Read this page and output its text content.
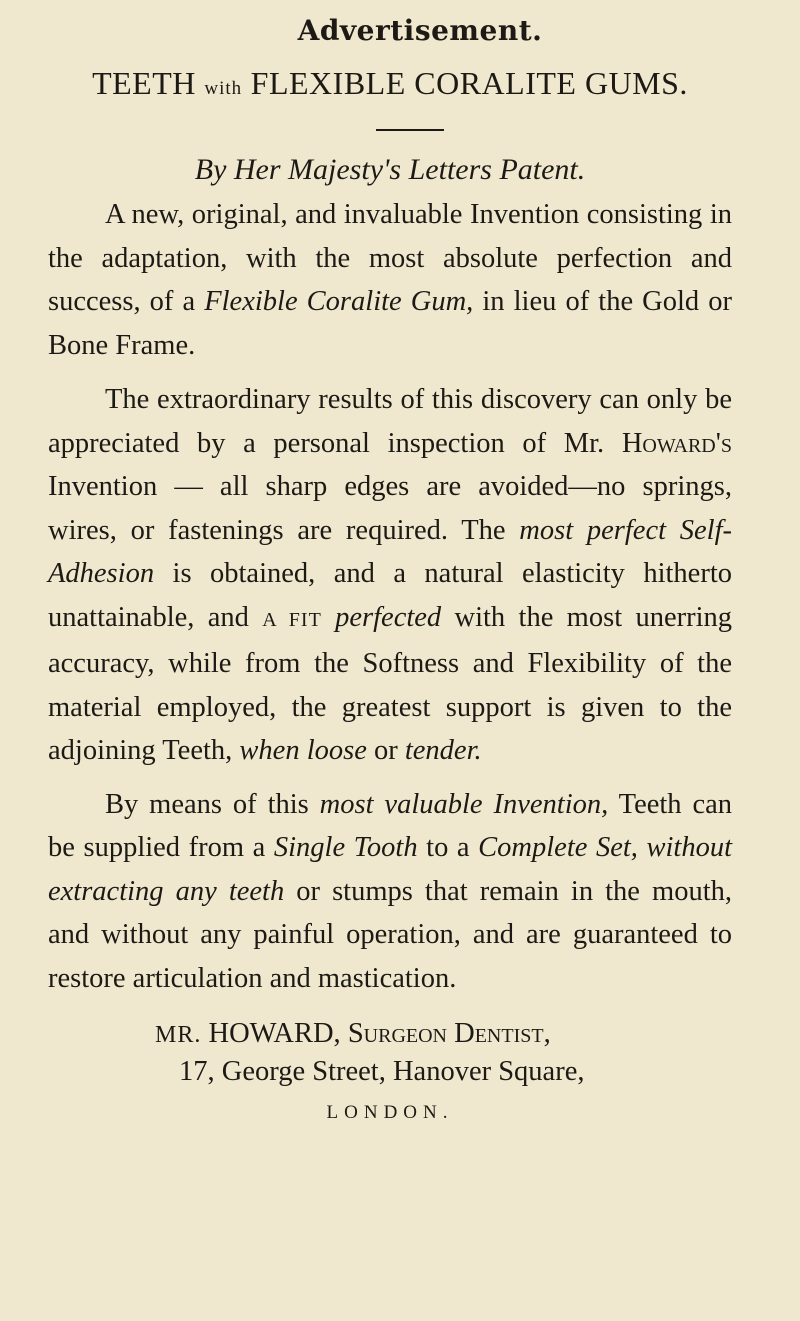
Advertisement.
TEETH with FLEXIBLE CORALITE GUMS.
By Her Majesty's Letters Patent.

A new, original, and invaluable Invention consisting in the adaptation, with the most absolute perfection and success, of a Flexible Coralite Gum, in lieu of the Gold or Bone Frame.

The extraordinary results of this discovery can only be appreciated by a personal inspection of Mr. Howard's Invention — all sharp edges are avoided—no springs, wires, or fastenings are required. The most perfect Self-Adhesion is obtained, and a natural elasticity hitherto unattainable, and A FIT perfected with the most unerring accuracy, while from the Softness and Flexibility of the material employed, the greatest support is given to the adjoining Teeth, when loose or tender.

By means of this most valuable Invention, Teeth can be supplied from a Single Tooth to a Complete Set, without extracting any teeth or stumps that remain in the mouth, and without any painful operation, and are guaranteed to restore articulation and mastication.

MR. HOWARD, Surgeon Dentist,
17, George Street, Hanover Square,
LONDON.
